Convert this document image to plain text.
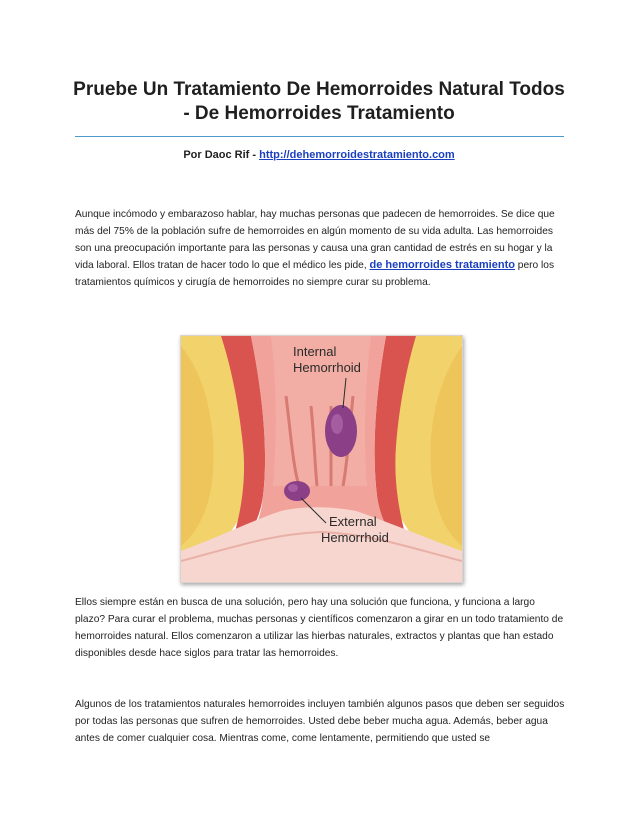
Pruebe Un Tratamiento De Hemorroides Natural Todos
- De Hemorroides Tratamiento
Por Daoc Rif - http://dehemorroidestratamiento.com

Aunque incómodo y embarazoso hablar, hay muchas personas que padecen de hemorroides. Se dice que más del 75% de la población sufre de hemorroides en algún momento de su vida adulta. Las hemorroides son una preocupación importante para las personas y causa una gran cantidad de estrés en su hogar y la vida laboral. Ellos tratan de hacer todo lo que el médico les pide, de hemorroides tratamiento pero los tratamientos químicos y cirugía de hemorroides no siempre curar su problema.

Internal
Hemorrhoid
External
Hemorrhoid

Ellos siempre están en busca de una solución, pero hay una solución que funciona, y funciona a largo plazo? Para curar el problema, muchas personas y científicos comenzaron a girar en un todo tratamiento de hemorroides natural. Ellos comenzaron a utilizar las hierbas naturales, extractos y plantas que han estado disponibles desde hace siglos para tratar las hemorroides.

Algunos de los tratamientos naturales hemorroides incluyen también algunos pasos que deben ser seguidos por todas las personas que sufren de hemorroides. Usted debe beber mucha agua. Además, beber agua antes de comer cualquier cosa. Mientras come, come lentamente, permitiendo que usted se
